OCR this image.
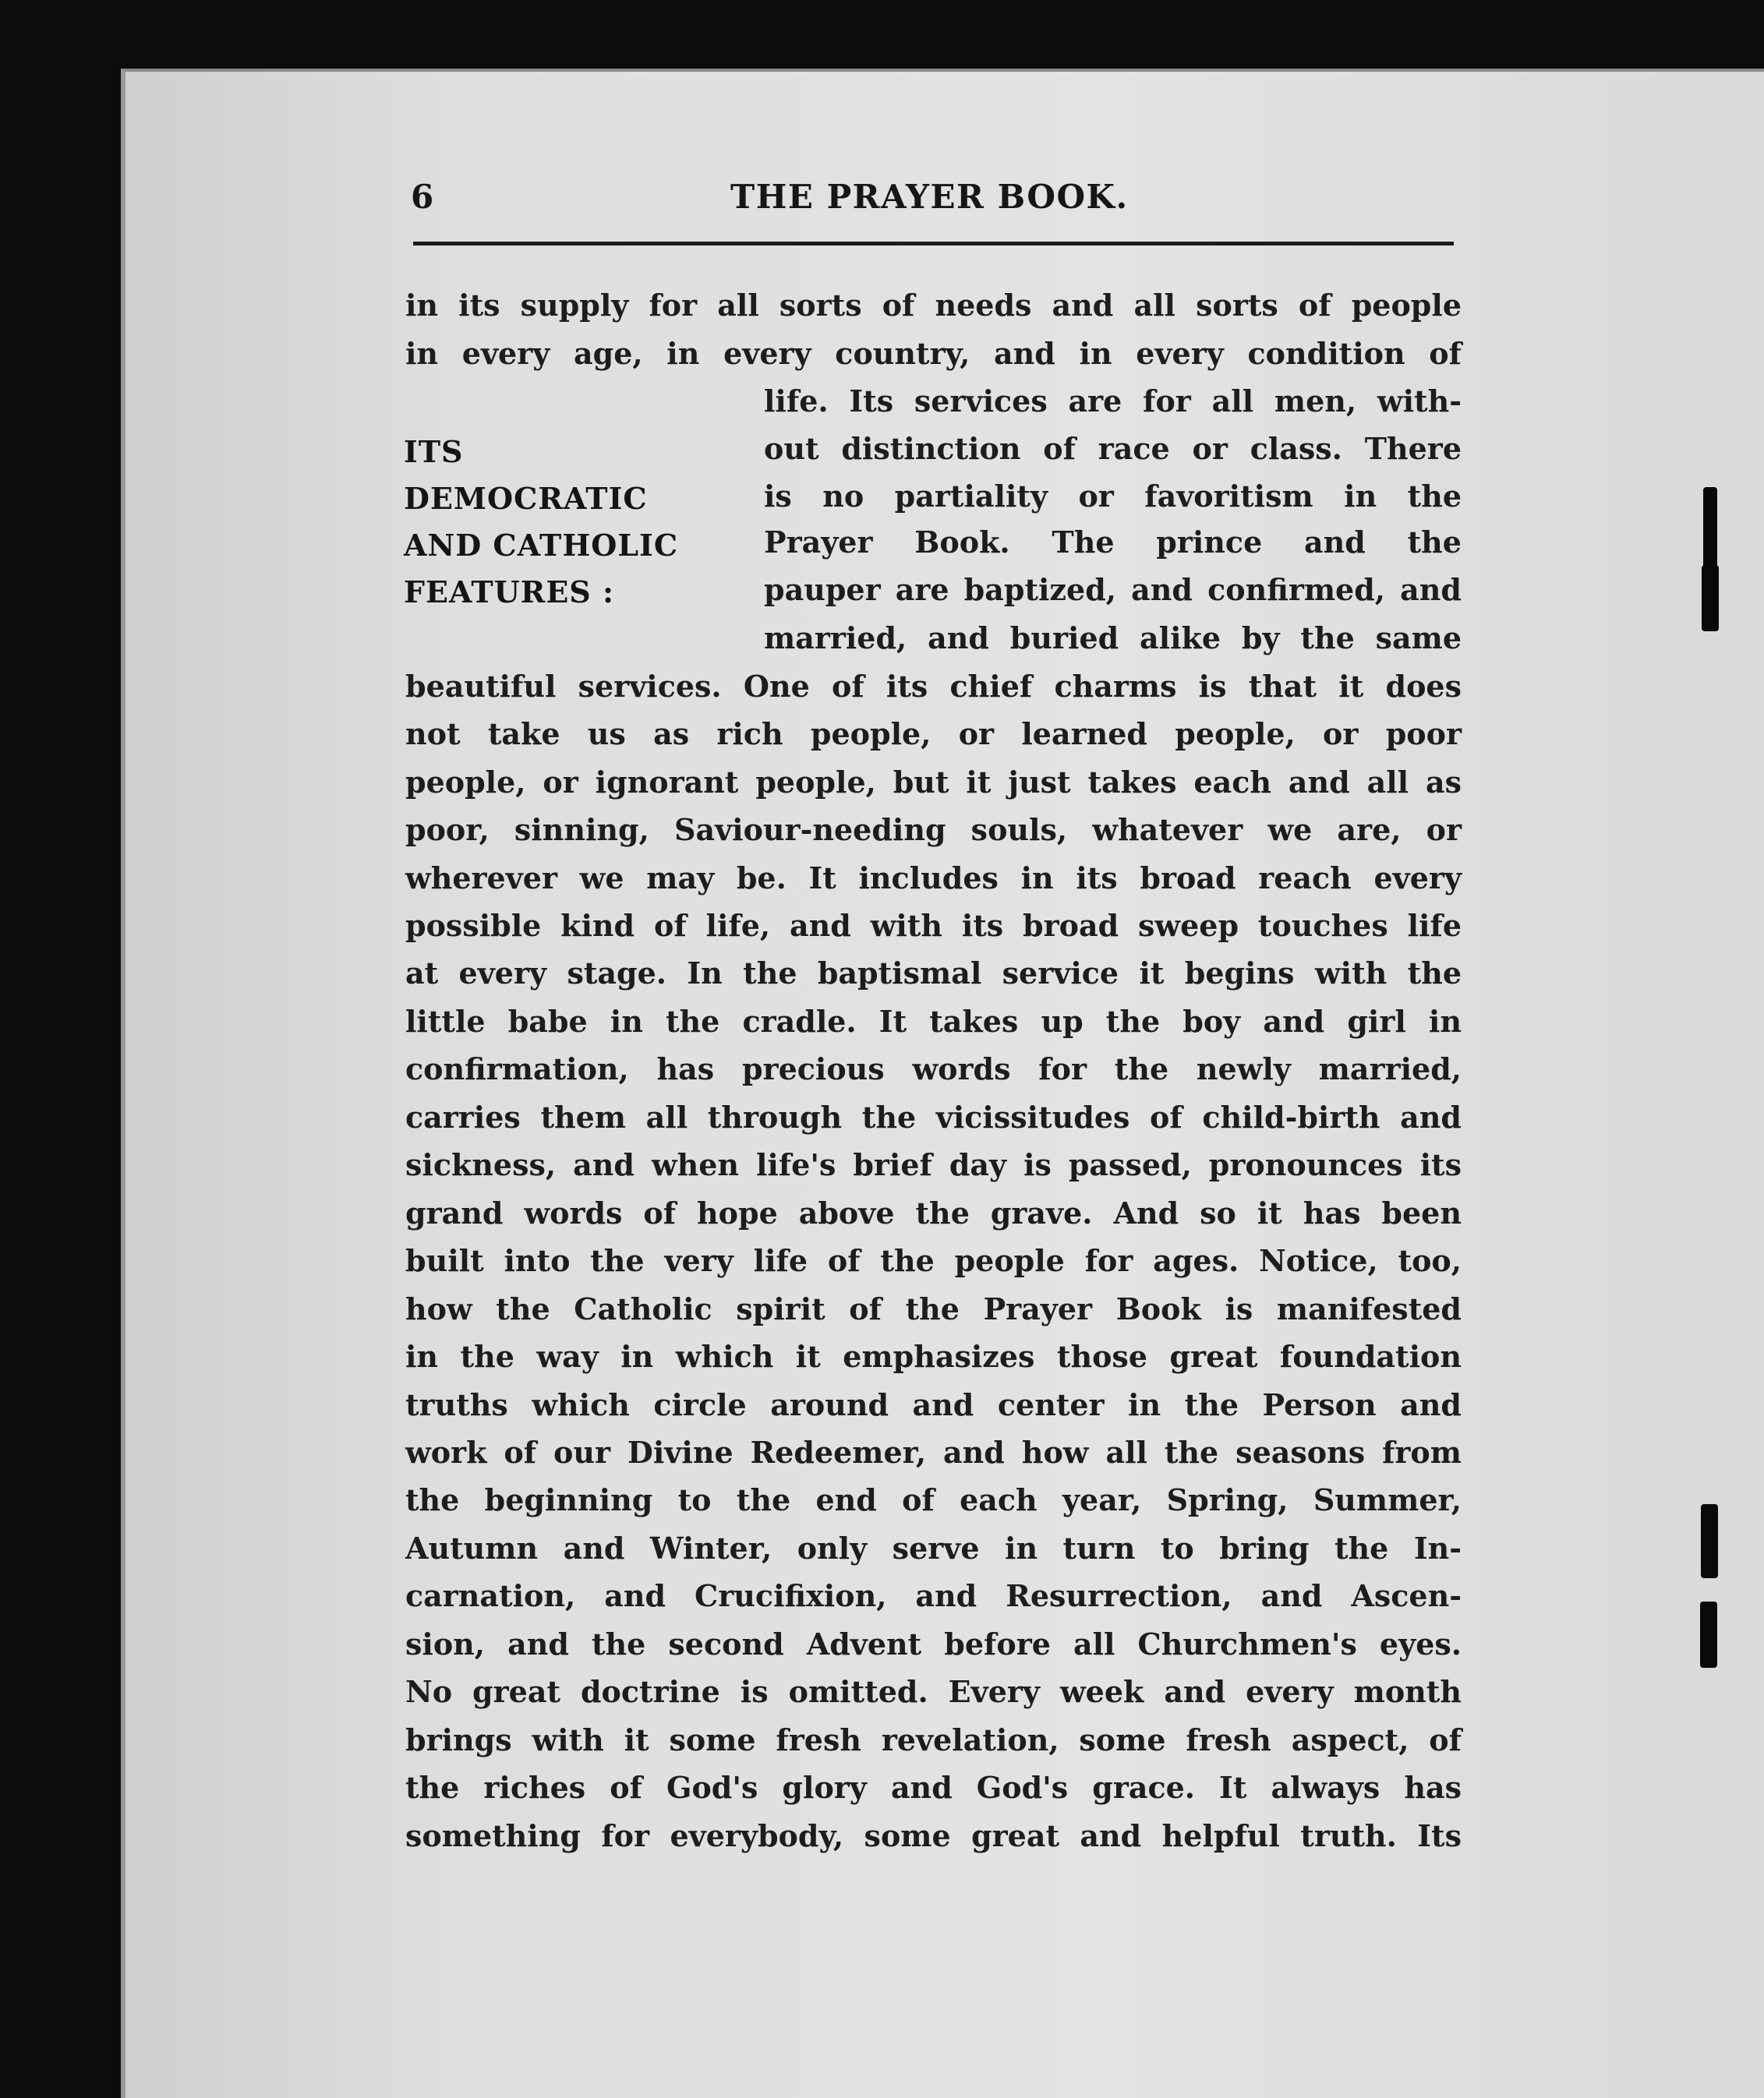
6	THE PRAYER BOOK.
ITS
DEMOCRATIC
AND CATHOLIC
FEATURES :
in its supply for all sorts of needs and all sorts of people
in every age, in every country, and in every condition of
life. Its services are for all men, with-
out distinction of race or class. There
is no partiality or favoritism in the
Prayer Book. The prince and the
pauper are baptized, and confirmed, and
married, and buried alike by the same
beautiful services. One of its chief charms is that it does
not take us as rich people, or learned people, or poor
people, or ignorant people, but it just takes each and all as
poor, sinning, Saviour-needing souls, whatever we are, or
wherever we may be. It includes in its broad reach every
possible kind of life, and with its broad sweep touches life
at every stage. In the baptismal service it begins with the
little babe in the cradle. It takes up the boy and girl in
confirmation, has precious words for the newly married,
carries them all through the vicissitudes of child-birth and
sickness, and when life's brief day is passed, pronounces its
grand words of hope above the grave. And so it has been
built into the very life of the people for ages. Notice, too,
how the Catholic spirit of the Prayer Book is manifested
in the way in which it emphasizes those great foundation
truths which circle around and center in the Person and
work of our Divine Redeemer, and how all the seasons from
the beginning to the end of each year, Spring, Summer,
Autumn and Winter, only serve in turn to bring the In-
carnation, and Crucifixion, and Resurrection, and Ascen-
sion, and the second Advent before all Churchmen's eyes.
No great doctrine is omitted. Every week and every month
brings with it some fresh revelation, some fresh aspect, of
the riches of God's glory and God's grace. It always has
something for everybody, some great and helpful truth. Its
